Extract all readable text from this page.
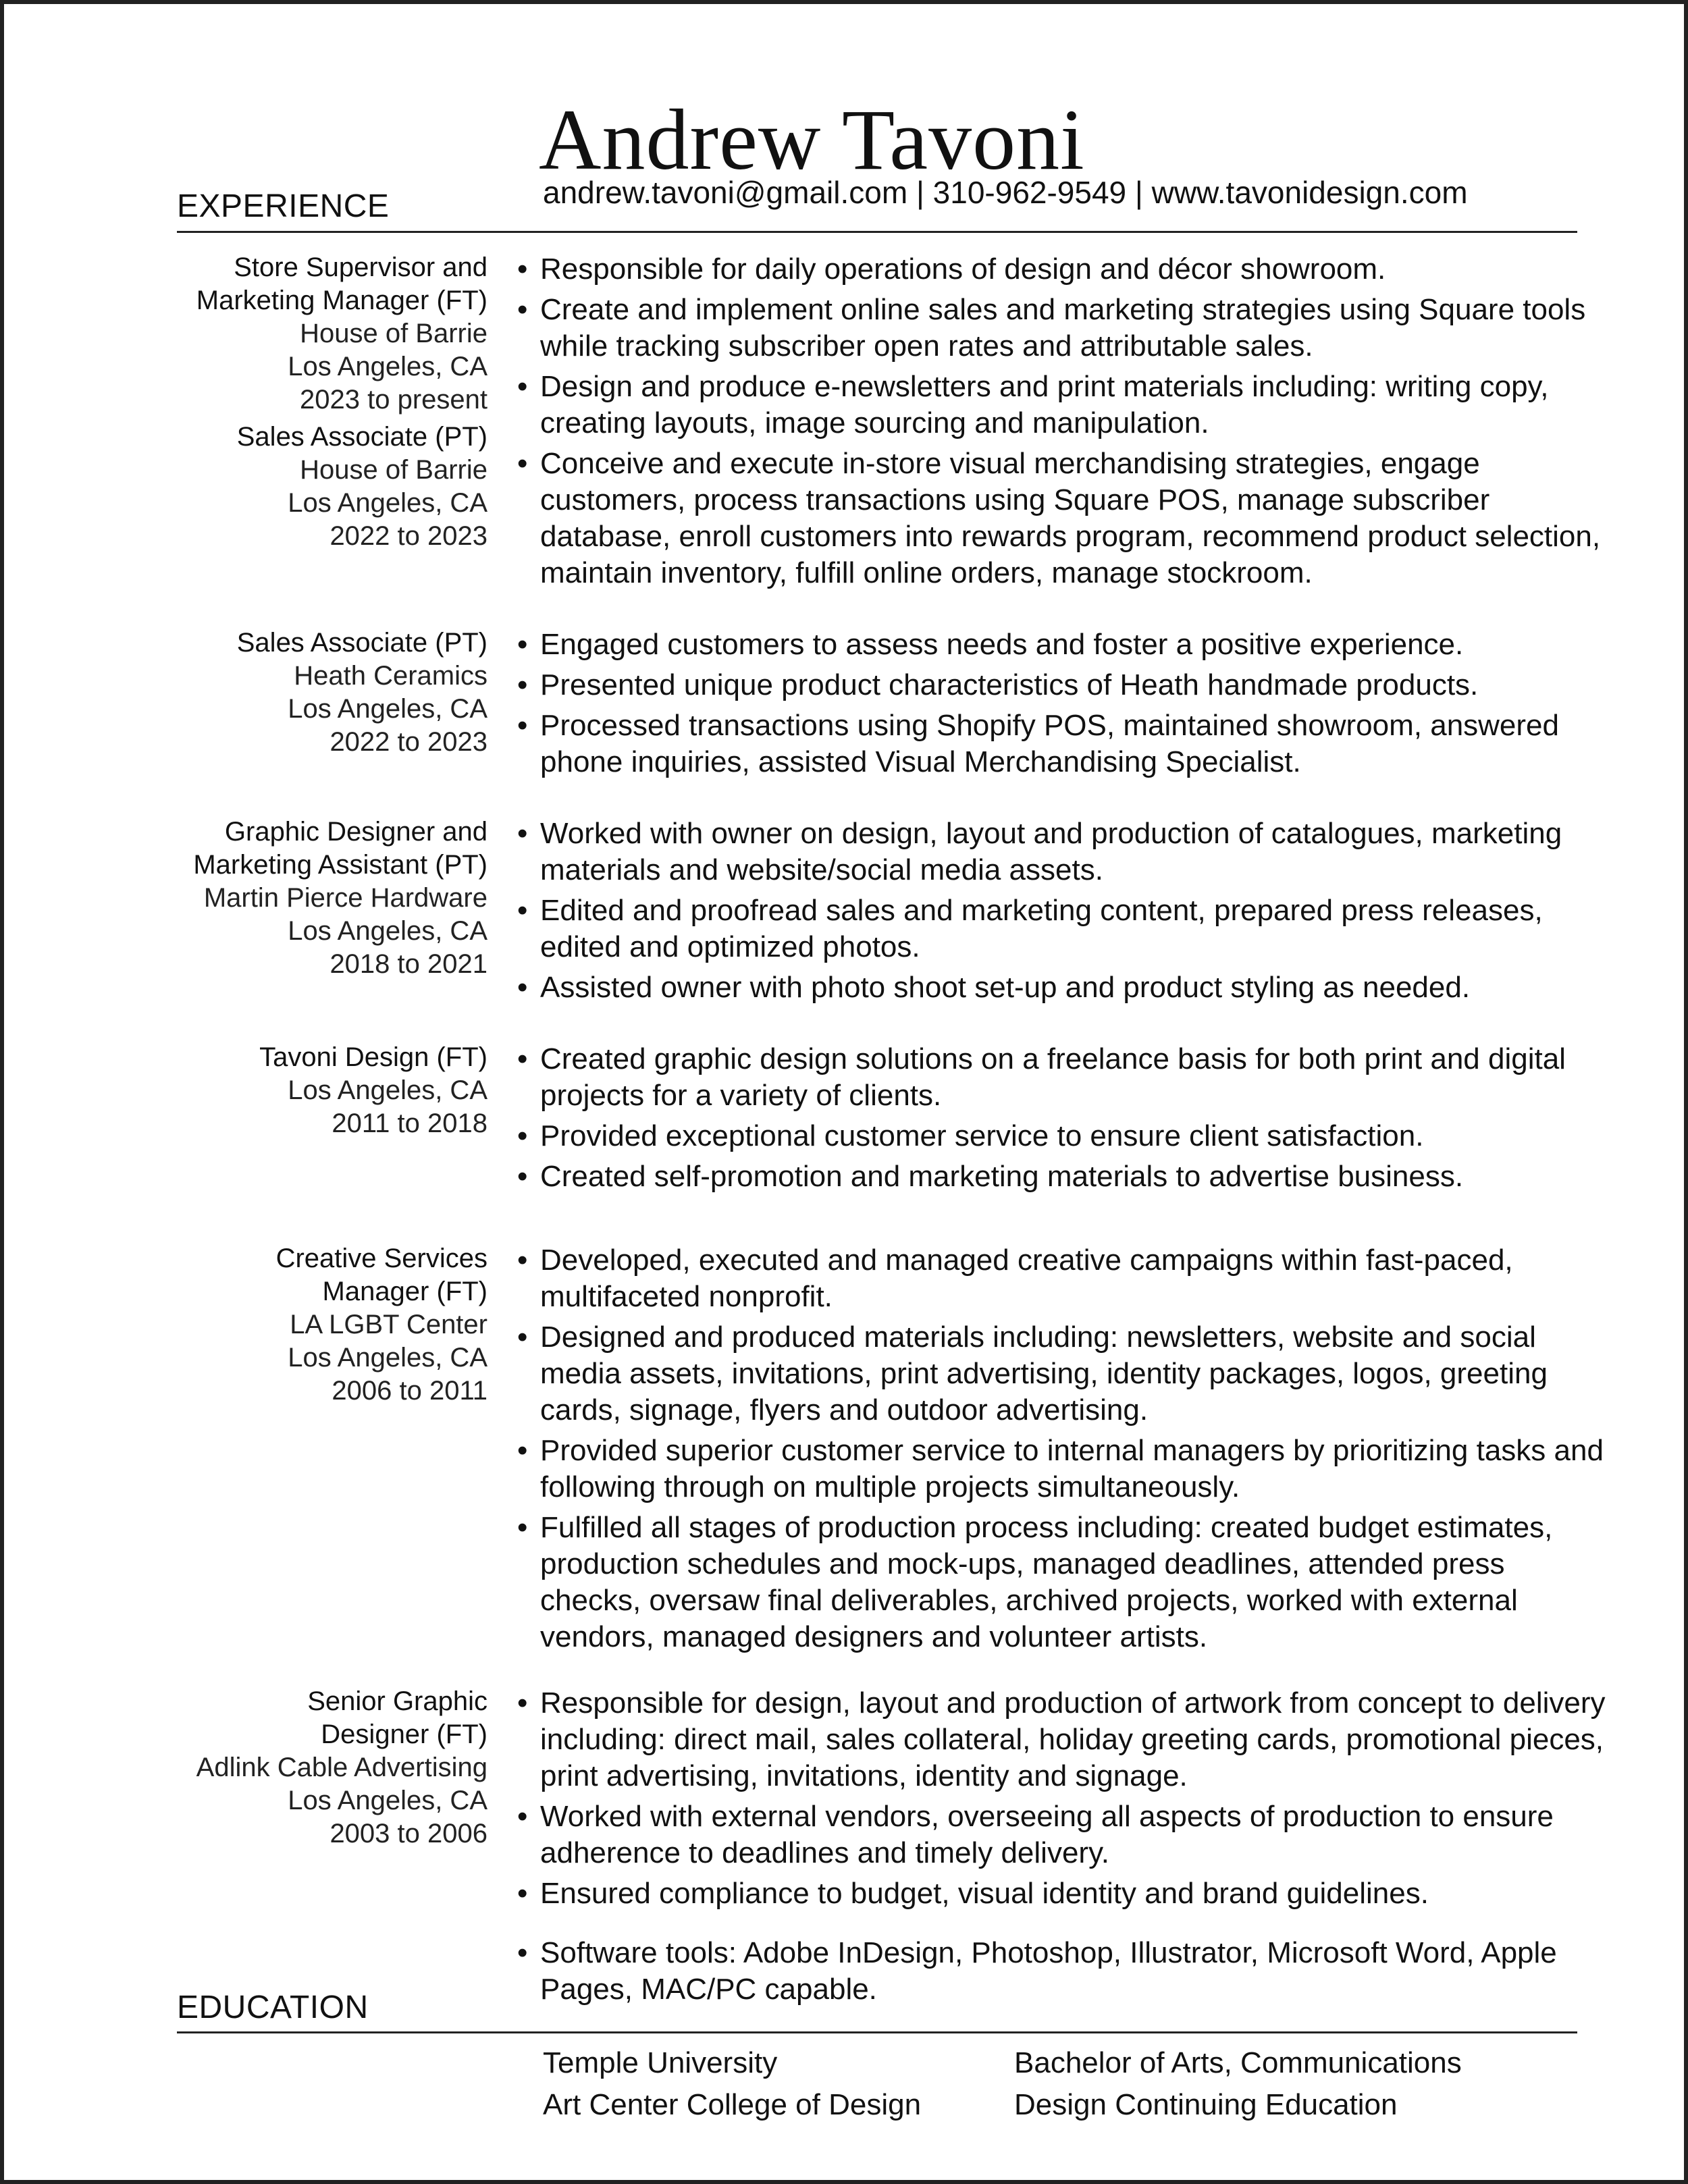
Andrew Tavoni
andrew.tavoni@gmail.com | 310-962-9549 | www.tavonidesign.com
EXPERIENCE
Store Supervisor and
Marketing Manager (FT)
House of Barrie
Los Angeles, CA
2023 to present
Sales Associate (PT)
House of Barrie
Los Angeles, CA
2022 to 2023
• Responsible for daily operations of design and décor showroom.
• Create and implement online sales and marketing strategies using Square tools while tracking subscriber open rates and attributable sales.
• Design and produce e-newsletters and print materials including: writing copy, creating layouts, image sourcing and manipulation.
• Conceive and execute in-store visual merchandising strategies, engage customers, process transactions using Square POS, manage subscriber database, enroll customers into rewards program, recommend product selection, maintain inventory, fulfill online orders, manage stockroom.
Sales Associate (PT)
Heath Ceramics
Los Angeles, CA
2022 to 2023
• Engaged customers to assess needs and foster a positive experience.
• Presented unique product characteristics of Heath handmade products.
• Processed transactions using Shopify POS, maintained showroom, answered phone inquiries, assisted Visual Merchandising Specialist.
Graphic Designer and
Marketing Assistant (PT)
Martin Pierce Hardware
Los Angeles, CA
2018 to 2021
• Worked with owner on design, layout and production of catalogues, marketing materials and website/social media assets.
• Edited and proofread sales and marketing content, prepared press releases, edited and optimized photos.
• Assisted owner with photo shoot set-up and product styling as needed.
Tavoni Design (FT)
Los Angeles, CA
2011 to 2018
• Created graphic design solutions on a freelance basis for both print and digital projects for a variety of clients.
• Provided exceptional customer service to ensure client satisfaction.
• Created self-promotion and marketing materials to advertise business.
Creative Services
Manager (FT)
LA LGBT Center
Los Angeles, CA
2006 to 2011
• Developed, executed and managed creative campaigns within fast-paced, multifaceted nonprofit.
• Designed and produced materials including: newsletters, website and social media assets, invitations, print advertising, identity packages, logos, greeting cards, signage, flyers and outdoor advertising.
• Provided superior customer service to internal managers by prioritizing tasks and following through on multiple projects simultaneously.
• Fulfilled all stages of production process including: created budget estimates, production schedules and mock-ups, managed deadlines, attended press checks, oversaw final deliverables, archived projects, worked with external vendors, managed designers and volunteer artists.
Senior Graphic
Designer (FT)
Adlink Cable Advertising
Los Angeles, CA
2003 to 2006
• Responsible for design, layout and production of artwork from concept to delivery including: direct mail, sales collateral, holiday greeting cards, promotional pieces, print advertising, invitations, identity and signage.
• Worked with external vendors, overseeing all aspects of production to ensure adherence to deadlines and timely delivery.
• Ensured compliance to budget, visual identity and brand guidelines.
• Software tools: Adobe InDesign, Photoshop, Illustrator, Microsoft Word, Apple Pages, MAC/PC capable.
EDUCATION
Temple University	Bachelor of Arts, Communications
Art Center College of Design	Design Continuing Education
